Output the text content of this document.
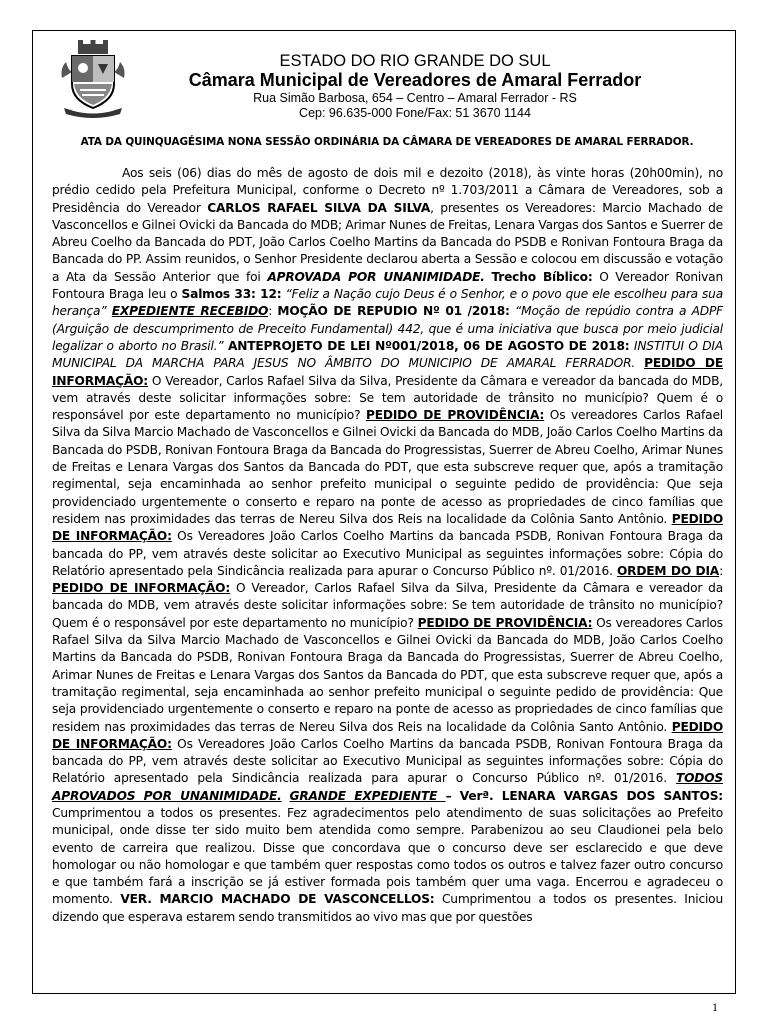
ESTADO DO RIO GRANDE DO SUL
Câmara Municipal de Vereadores de Amaral Ferrador
Rua Simão Barbosa, 654 – Centro – Amaral Ferrador - RS
Cep: 96.635-000 Fone/Fax: 51 3670 1144
ATA DA QUINQUAGÉSIMA NONA SESSÃO ORDINÁRIA DA CÂMARA DE VEREADORES DE AMARAL FERRADOR.

Aos seis (06) dias do mês de agosto de dois mil e dezoito (2018), às vinte horas (20h00min), no prédio cedido pela Prefeitura Municipal, conforme o Decreto nº 1.703/2011 a Câmara de Vereadores, sob a Presidência do Vereador CARLOS RAFAEL SILVA DA SILVA, presentes os Vereadores: Marcio Machado de Vasconcellos e Gilnei Ovicki da Bancada do MDB; Arimar Nunes de Freitas, Lenara Vargas dos Santos e Suerrer de Abreu Coelho da Bancada do PDT, João Carlos Coelho Martins da Bancada do PSDB e Ronivan Fontoura Braga da Bancada do PP. Assim reunidos, o Senhor Presidente declarou aberta a Sessão e colocou em discussão e votação a Ata da Sessão Anterior que foi APROVADA POR UNANIMIDADE. Trecho Bíblico: O Vereador Ronivan Fontoura Braga leu o Salmos 33: 12: “Feliz a Nação cujo Deus é o Senhor, e o povo que ele escolheu para sua herança” EXPEDIENTE RECEBIDO: MOÇÃO DE REPUDIO Nº 01 /2018: “Moção de repúdio contra a ADPF (Arguição de descumprimento de Preceito Fundamental) 442, que é uma iniciativa que busca por meio judicial legalizar o aborto no Brasil.” ANTEPROJETO DE LEI Nº001/2018, 06 DE AGOSTO DE 2018: INSTITUI O DIA MUNICIPAL DA MARCHA PARA JESUS NO ÂMBITO DO MUNICIPIO DE AMARAL FERRADOR. PEDIDO DE INFORMAÇÃO: O Vereador, Carlos Rafael Silva da Silva, Presidente da Câmara e vereador da bancada do MDB, vem através deste solicitar informações sobre: Se tem autoridade de trânsito no município? Quem é o responsável por este departamento no município? PEDIDO DE PROVIDÊNCIA: Os vereadores Carlos Rafael Silva da Silva Marcio Machado de Vasconcellos e Gilnei Ovicki da Bancada do MDB, João Carlos Coelho Martins da Bancada do PSDB, Ronivan Fontoura Braga da Bancada do Progressistas, Suerrer de Abreu Coelho, Arimar Nunes de Freitas e Lenara Vargas dos Santos da Bancada do PDT, que esta subscreve requer que, após a tramitação regimental, seja encaminhada ao senhor prefeito municipal o seguinte pedido de providência: Que seja providenciado urgentemente o conserto e reparo na ponte de acesso as propriedades de cinco famílias que residem nas proximidades das terras de Nereu Silva dos Reis na localidade da Colônia Santo Antônio. PEDIDO DE INFORMAÇÃO: Os Vereadores João Carlos Coelho Martins da bancada PSDB, Ronivan Fontoura Braga da bancada do PP, vem através deste solicitar ao Executivo Municipal as seguintes informações sobre: Cópia do Relatório apresentado pela Sindicância realizada para apurar o Concurso Público nº. 01/2016. ORDEM DO DIA: PEDIDO DE INFORMAÇÃO: O Vereador, Carlos Rafael Silva da Silva, Presidente da Câmara e vereador da bancada do MDB, vem através deste solicitar informações sobre: Se tem autoridade de trânsito no município? Quem é o responsável por este departamento no município? PEDIDO DE PROVIDÊNCIA: Os vereadores Carlos Rafael Silva da Silva Marcio Machado de Vasconcellos e Gilnei Ovicki da Bancada do MDB, João Carlos Coelho Martins da Bancada do PSDB, Ronivan Fontoura Braga da Bancada do Progressistas, Suerrer de Abreu Coelho, Arimar Nunes de Freitas e Lenara Vargas dos Santos da Bancada do PDT, que esta subscreve requer que, após a tramitação regimental, seja encaminhada ao senhor prefeito municipal o seguinte pedido de providência: Que seja providenciado urgentemente o conserto e reparo na ponte de acesso as propriedades de cinco famílias que residem nas proximidades das terras de Nereu Silva dos Reis na localidade da Colônia Santo Antônio. PEDIDO DE INFORMAÇÃO: Os Vereadores João Carlos Coelho Martins da bancada PSDB, Ronivan Fontoura Braga da bancada do PP, vem através deste solicitar ao Executivo Municipal as seguintes informações sobre: Cópia do Relatório apresentado pela Sindicância realizada para apurar o Concurso Público nº. 01/2016. TODOS APROVADOS POR UNANIMIDADE. GRANDE EXPEDIENTE – Verª. LENARA VARGAS DOS SANTOS: Cumprimentou a todos os presentes. Fez agradecimentos pelo atendimento de suas solicitações ao Prefeito municipal, onde disse ter sido muito bem atendida como sempre. Parabenizou ao seu Claudionei pela belo evento de carreira que realizou. Disse que concordava que o concurso deve ser esclarecido e que deve homologar ou não homologar e que também quer respostas como todos os outros e talvez fazer outro concurso e que também fará a inscrição se já estiver formada pois também quer uma vaga. Encerrou e agradeceu o momento. VER. MARCIO MACHADO DE VASCONCELLOS: Cumprimentou a todos os presentes. Iniciou dizendo que esperava estarem sendo transmitidos ao vivo mas que por questões

1
